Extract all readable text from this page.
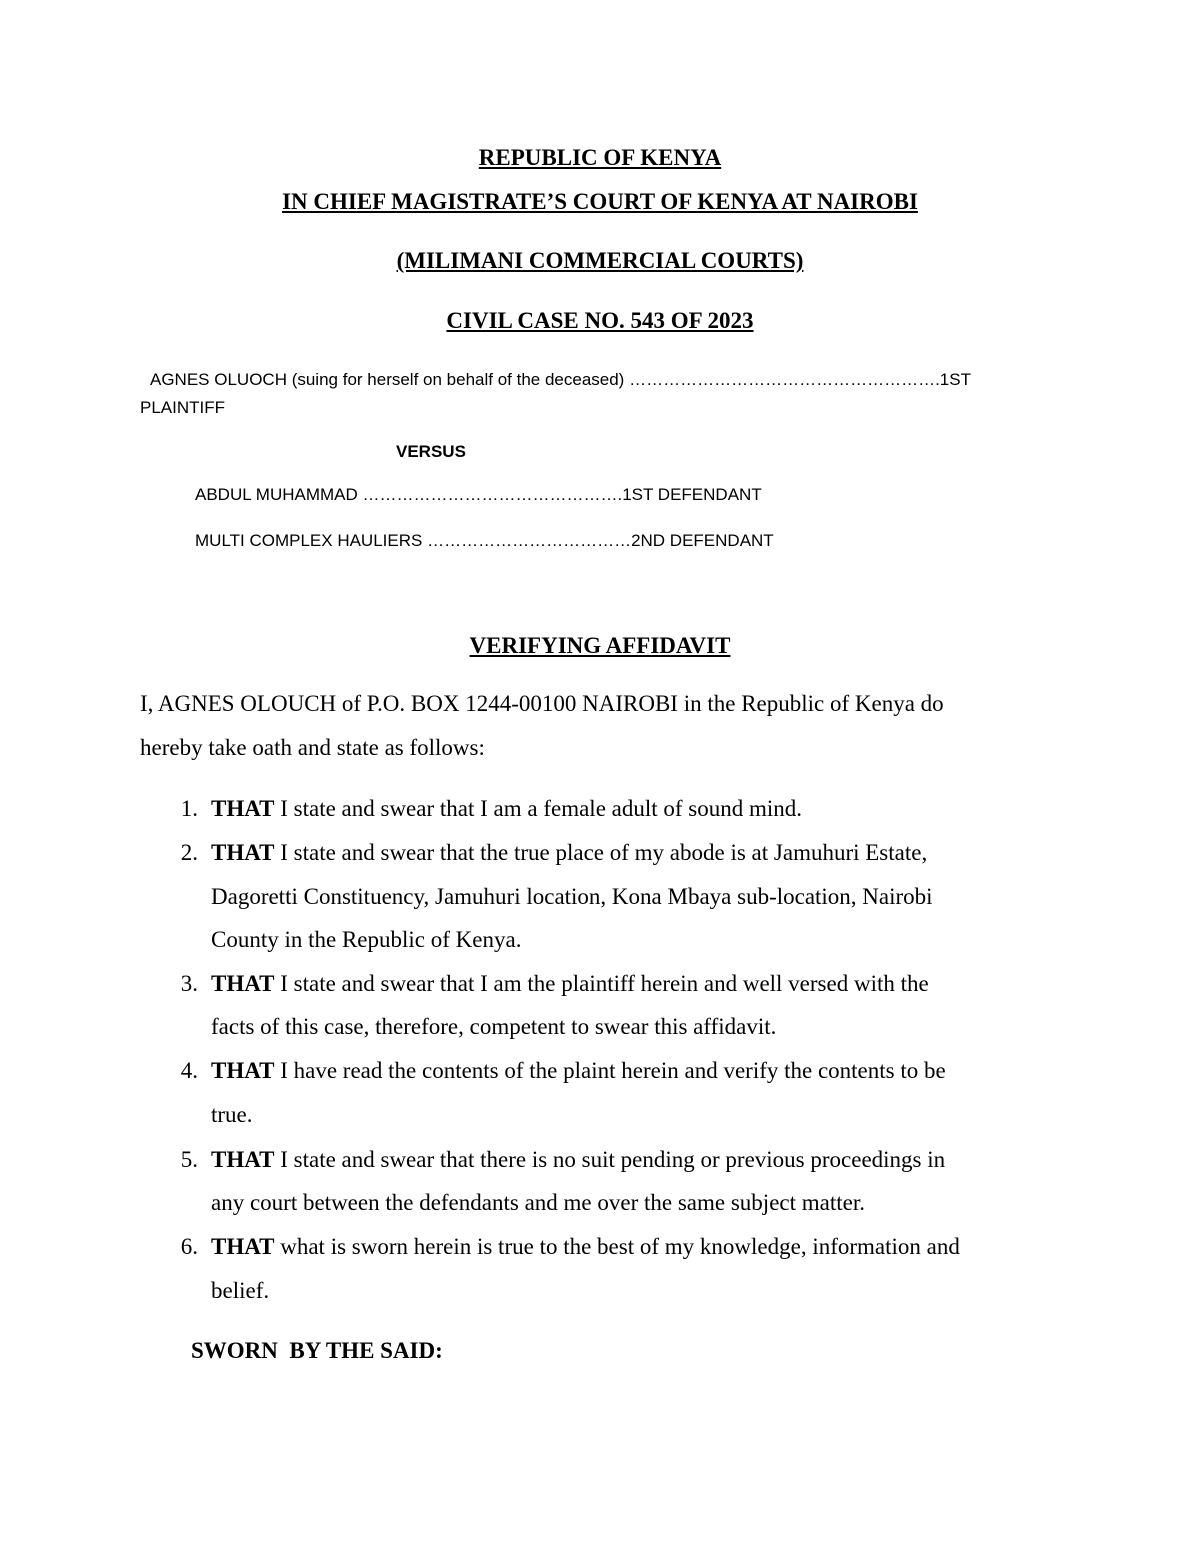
REPUBLIC OF KENYA
IN CHIEF MAGISTRATE’S COURT OF KENYA AT NAIROBI
(MILIMANI COMMERCIAL COURTS)
CIVIL CASE NO. 543 OF 2023
AGNES OLUOCH (suing for herself on behalf of the deceased) ……………………………………………….1ST
PLAINTIFF
VERSUS
ABDUL MUHAMMAD ……………………………………….1ST DEFENDANT
MULTI COMPLEX HAULIERS ………………………………2ND DEFENDANT
VERIFYING AFFIDAVIT
I, AGNES OLOUCH of P.O. BOX 1244-00100 NAIROBI in the Republic of Kenya do
hereby take oath and state as follows:
1. THAT I state and swear that I am a female adult of sound mind.
2. THAT I state and swear that the true place of my abode is at Jamuhuri Estate,
Dagoretti Constituency, Jamuhuri location, Kona Mbaya sub-location, Nairobi
County in the Republic of Kenya.
3. THAT I state and swear that I am the plaintiff herein and well versed with the
facts of this case, therefore, competent to swear this affidavit.
4. THAT I have read the contents of the plaint herein and verify the contents to be
true.
5. THAT I state and swear that there is no suit pending or previous proceedings in
any court between the defendants and me over the same subject matter.
6. THAT what is sworn herein is true to the best of my knowledge, information and
belief.
SWORN  BY THE SAID:
